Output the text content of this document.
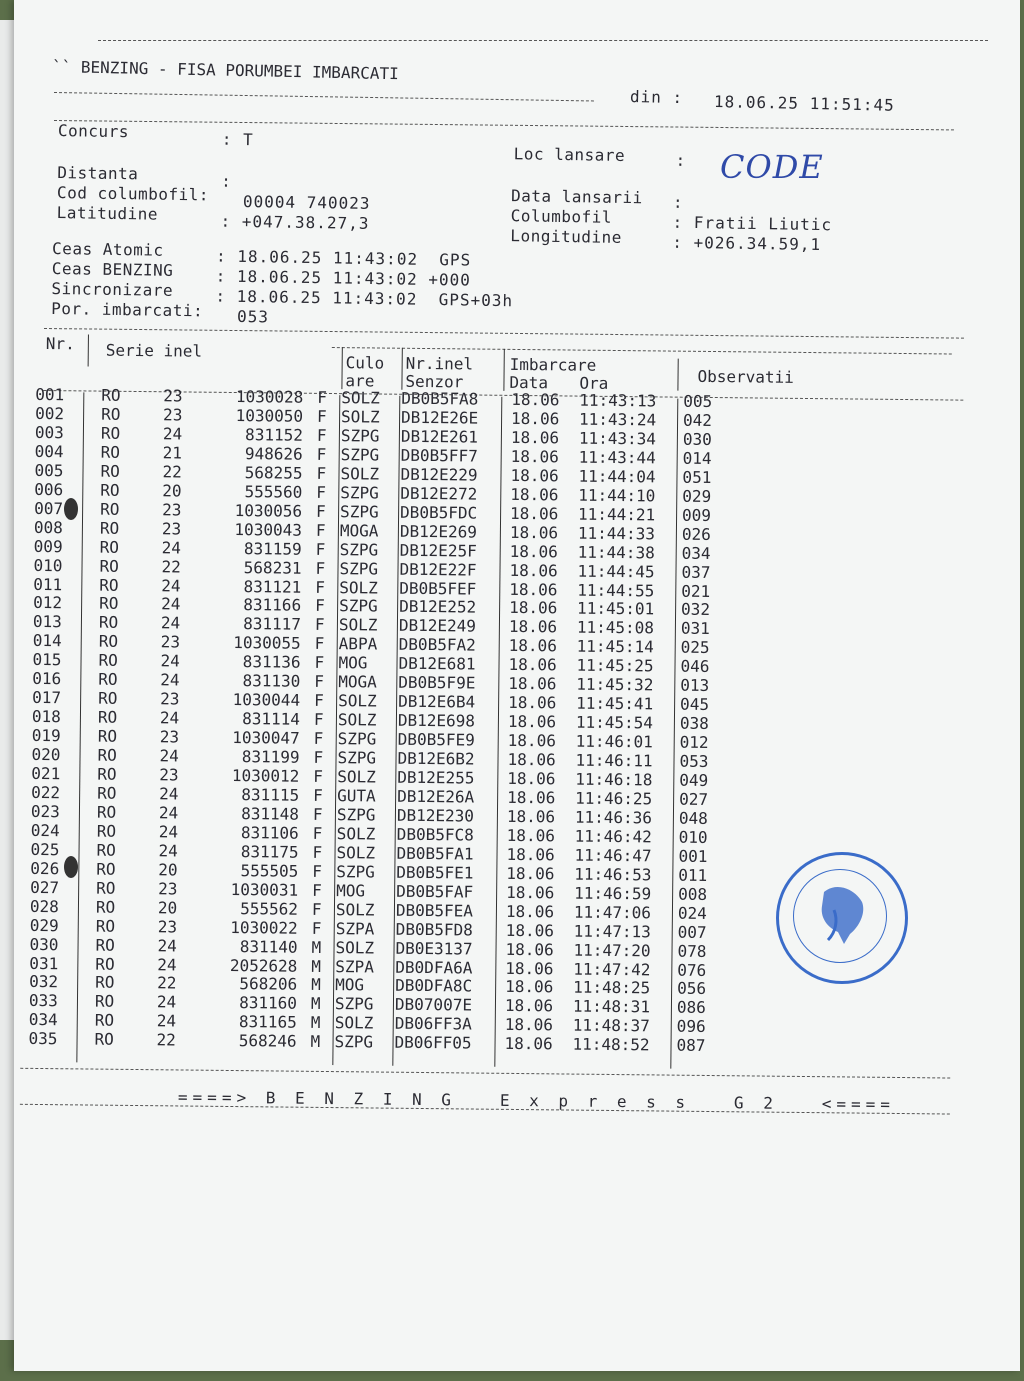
`` BENZING - FISA PORUMBEI IMBARCATI
din : 18.06.25 11:51:45
Concurs	: T
Distanta	:
Cod columbofil: 00004 740023
Latitudine	: +047.38.27,3
Loc lansare	:
Data lansarii :
Columbofil	: Fratii Liutic
Longitudine	: +026.34.59,1
Ceas Atomic	: 18.06.25 11:43:02  GPS
Ceas BENZING	: 18.06.25 11:43:02 +000
Sincronizare	: 18.06.25 11:43:02  GPS+03h
Por. imbarcati: 053
CODE
Nr. Serie inel
Culo
are
Nr.inel
Senzor
Imbarcare
Data Ora	Observatii
001 RO	23	1030028 F SOLZ DB0B5FA8 18.06 11:43:13 005
002 RO	23	1030050 F SOLZ DB12E26E 18.06 11:43:24 042
003 RO	24	831152 F SZPG DB12E261 18.06 11:43:34 030
004 RO	21	948626 F SZPG DB0B5FF7 18.06 11:43:44 014
005 RO	22	568255 F SOLZ DB12E229 18.06 11:44:04 051
006 RO	20	555560 F SZPG DB12E272 18.06 11:44:10 029
007 RO	23	1030056 F SZPG DB0B5FDC 18.06 11:44:21 009
008 RO	23	1030043 F MOGA DB12E269 18.06 11:44:33 026
009 RO	24	831159 F SZPG DB12E25F 18.06 11:44:38 034
010 RO	22	568231 F SZPG DB12E22F 18.06 11:44:45 037
011 RO	24	831121 F SOLZ DB0B5FEF 18.06 11:44:55 021
012 RO	24	831166 F SZPG DB12E252 18.06 11:45:01 032
013 RO	24	831117 F SOLZ DB12E249 18.06 11:45:08 031
014 RO	23	1030055 F ABPA DB0B5FA2 18.06 11:45:14 025
015 RO	24	831136 F MOG DB12E681 18.06 11:45:25 046
016 RO	24	831130 F MOGA DB0B5F9E 18.06 11:45:32 013
017 RO	23	1030044 F SOLZ DB12E6B4 18.06 11:45:41 045
018 RO	24	831114 F SOLZ DB12E698 18.06 11:45:54 038
019 RO	23	1030047 F SZPG DB0B5FE9 18.06 11:46:01 012
020 RO	24	831199 F SZPG DB12E6B2 18.06 11:46:11 053
021 RO	23	1030012 F SOLZ DB12E255 18.06 11:46:18 049
022 RO	24	831115 F GUTA DB12E26A 18.06 11:46:25 027
023 RO	24	831148 F SZPG DB12E230 18.06 11:46:36 048
024 RO	24	831106 F SOLZ DB0B5FC8 18.06 11:46:42 010
025 RO	24	831175 F SOLZ DB0B5FA1 18.06 11:46:47 001
026 RO	20	555505 F SZPG DB0B5FE1 18.06 11:46:53 011
027 RO	23	1030031 F MOG DB0B5FAF 18.06 11:46:59 008
028 RO	20	555562 F SOLZ DB0B5FEA 18.06 11:47:06 024
029 RO	23	1030022 F SZPA DB0B5FD8 18.06 11:47:13 007
030 RO	24	831140 M SOLZ DB0E3137 18.06 11:47:20 078
031 RO	24	2052628 M SZPA DB0DFA6A 18.06 11:47:42 076
032 RO	22	568206 M MOG DB0DFA8C 18.06 11:48:25 056
033 RO	24	831160 M SZPG DB07007E 18.06 11:48:31 086
034 RO	24	831165 M SOLZ DB06FF3A 18.06 11:48:37 096
035 RO	22	568246 M SZPG DB06FF05 18.06 11:48:52 087
====> B E N Z I N G   E x p r e s s   G 2   <====
